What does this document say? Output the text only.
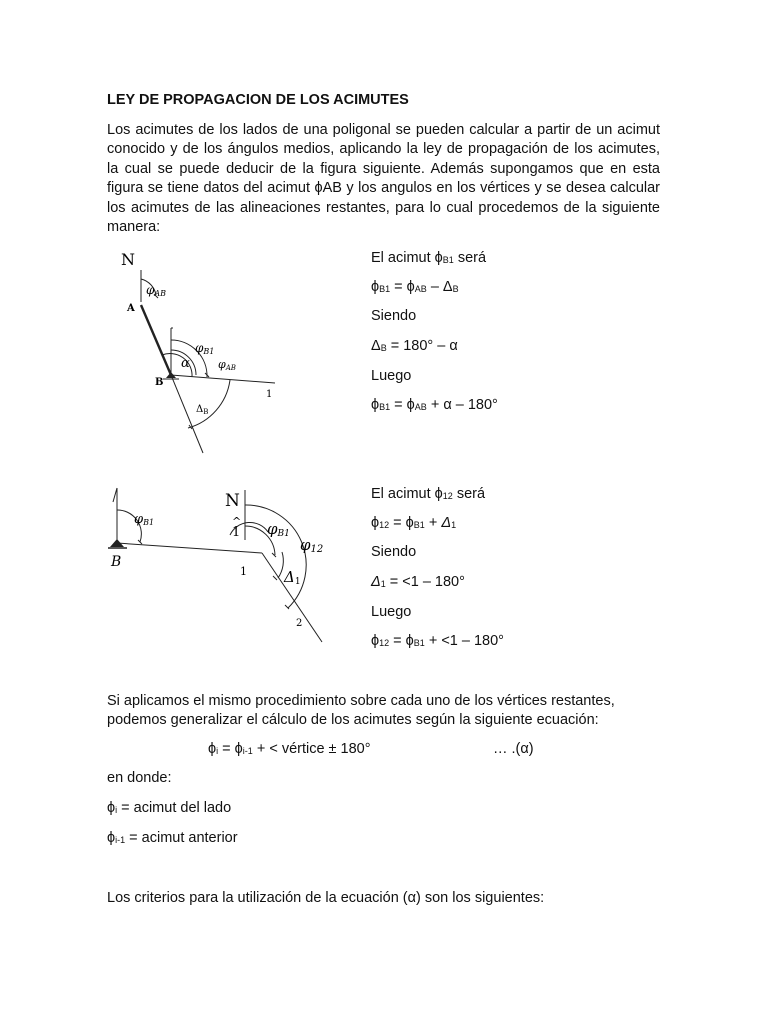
LEY DE PROPAGACION DE LOS ACIMUTES
Los acimutes de los lados de una poligonal se pueden calcular a partir de un acimut conocido y de los ángulos medios, aplicando la ley de propagación de los acimutes, la cual se puede deducir de la figura siguiente. Además supongamos que en esta figura se tiene datos del acimut ϕAB y los angulos en los vértices y se desea calcular los acimutes de las alineaciones restantes, para lo cual procedemos de la siguiente manera:
N
φAB
A
φB1
α	φAB
B
1
$\Delta_B$
El acimut $\phi_{B1}$ será
$\phi_{B1} = \phi_{AB} - \Delta_B$
Siendo
$\Delta_B = 180^\circ - \alpha$
Luego
$\phi_{B1} = \phi_{AB} + \alpha - 180^\circ$
φB1
B
N
1
^ φB1
φ12
1 Δ1
2
El acimut $\phi_{12}$ será
$\phi_{12} = \phi_{B1} + \Delta_1$
Siendo
$\Delta_1 = <1 - 180^\circ$
Luego
$\phi_{12} = \phi_{B1} + <1 - 180^\circ$
Si aplicamos el mismo procedimiento sobre cada uno de los vértices restantes, podemos generalizar el cálculo de los acimutes según la siguiente ecuación:
$\phi_i = \phi_{i-1}$ + < vértice ± 180°	… .(α)
en donde:
$\phi_i$ = acimut del lado
$\phi_{i-1}$ = acimut anterior
Los criterios para la utilización de la ecuación (α) son los siguientes:
